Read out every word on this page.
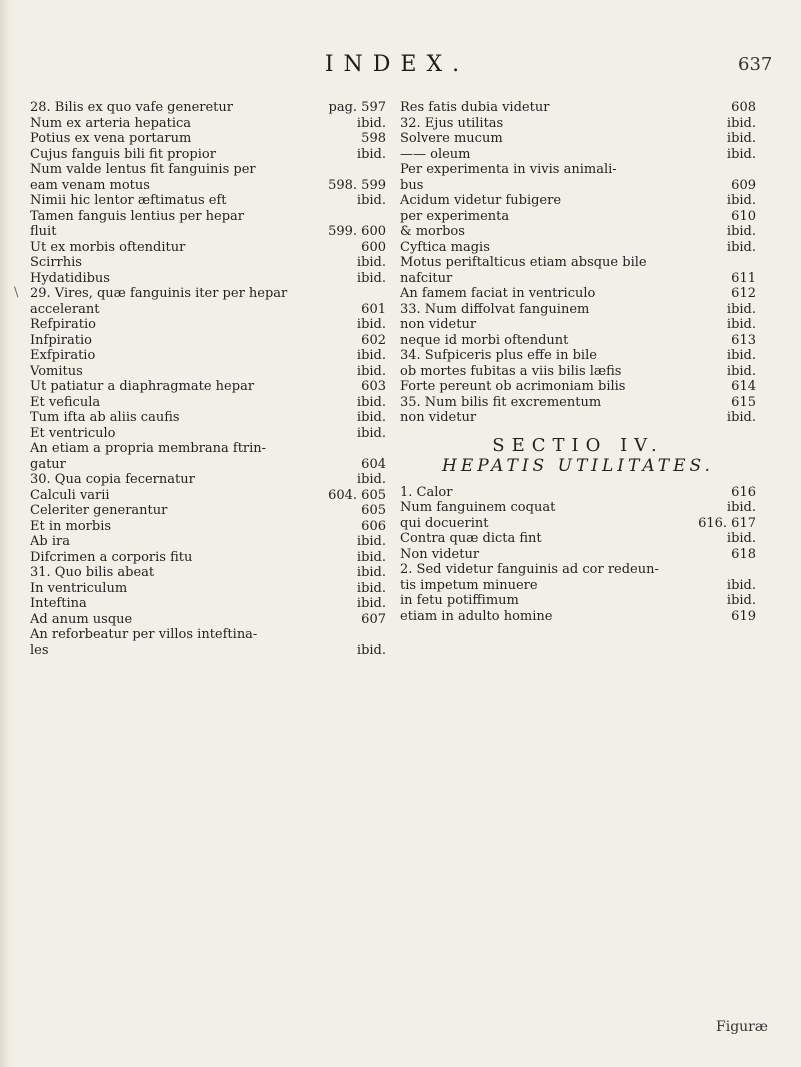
INDEX.	637
\
28. Bilis ex quo vafe generetur	pag. 597
Num ex arteria hepatica	ibid.
Potius ex vena portarum	598
Cujus fanguis bili fit propior	ibid.
Num valde lentus fit fanguinis per
eam venam motus	598. 599
Nimii hic lentor æftimatus eft	ibid.
Tamen fanguis lentius per hepar
fluit	599. 600
Ut ex morbis oftenditur	600
Scirrhis	ibid.
Hydatidibus	ibid.
29. Vires, quæ fanguinis iter per hepar
accelerant	601
Refpiratio	ibid.
Infpiratio	602
Exfpiratio	ibid.
Vomitus	ibid.
Ut patiatur a diaphragmate hepar	603
Et veficula	ibid.
Tum ifta ab aliis caufis	ibid.
Et ventriculo	ibid.
An etiam a propria membrana ftrin-
gatur	604
30. Qua copia fecernatur	ibid.
Calculi varii	604. 605
Celeriter generantur	605
Et in morbis	606
Ab ira	ibid.
Difcrimen a corporis fitu	ibid.
31. Quo bilis abeat	ibid.
In ventriculum	ibid.
Inteftina	ibid.
Ad anum usque	607
An reforbeatur per villos inteftina-
les	ibid.
Res fatis dubia videtur	608
32. Ejus utilitas	ibid.
Solvere mucum	ibid.
—— oleum	ibid.
Per experimenta in vivis animali-
bus	609
Acidum videtur fubigere	ibid.
per experimenta	610
& morbos	ibid.
Cyftica magis	ibid.
Motus periftalticus etiam absque bile
nafcitur	611
An famem faciat in ventriculo	612
33. Num diffolvat fanguinem	ibid.
non videtur	ibid.
neque id morbi oftendunt	613
34. Sufpiceris plus effe in bile	ibid.
ob mortes fubitas a viis bilis læfis	ibid.
Forte pereunt ob acrimoniam bilis	614
35. Num bilis fit excrementum	615
non videtur	ibid.
SECTIO IV.
HEPATIS UTILITATES.
1. Calor	616
Num fanguinem coquat	ibid.
qui docuerint	616. 617
Contra quæ dicta fint	ibid.
Non videtur	618
2. Sed videtur fanguinis ad cor redeun-
tis impetum minuere	ibid.
in fetu potiffimum	ibid.
etiam in adulto homine	619
Figuræ
